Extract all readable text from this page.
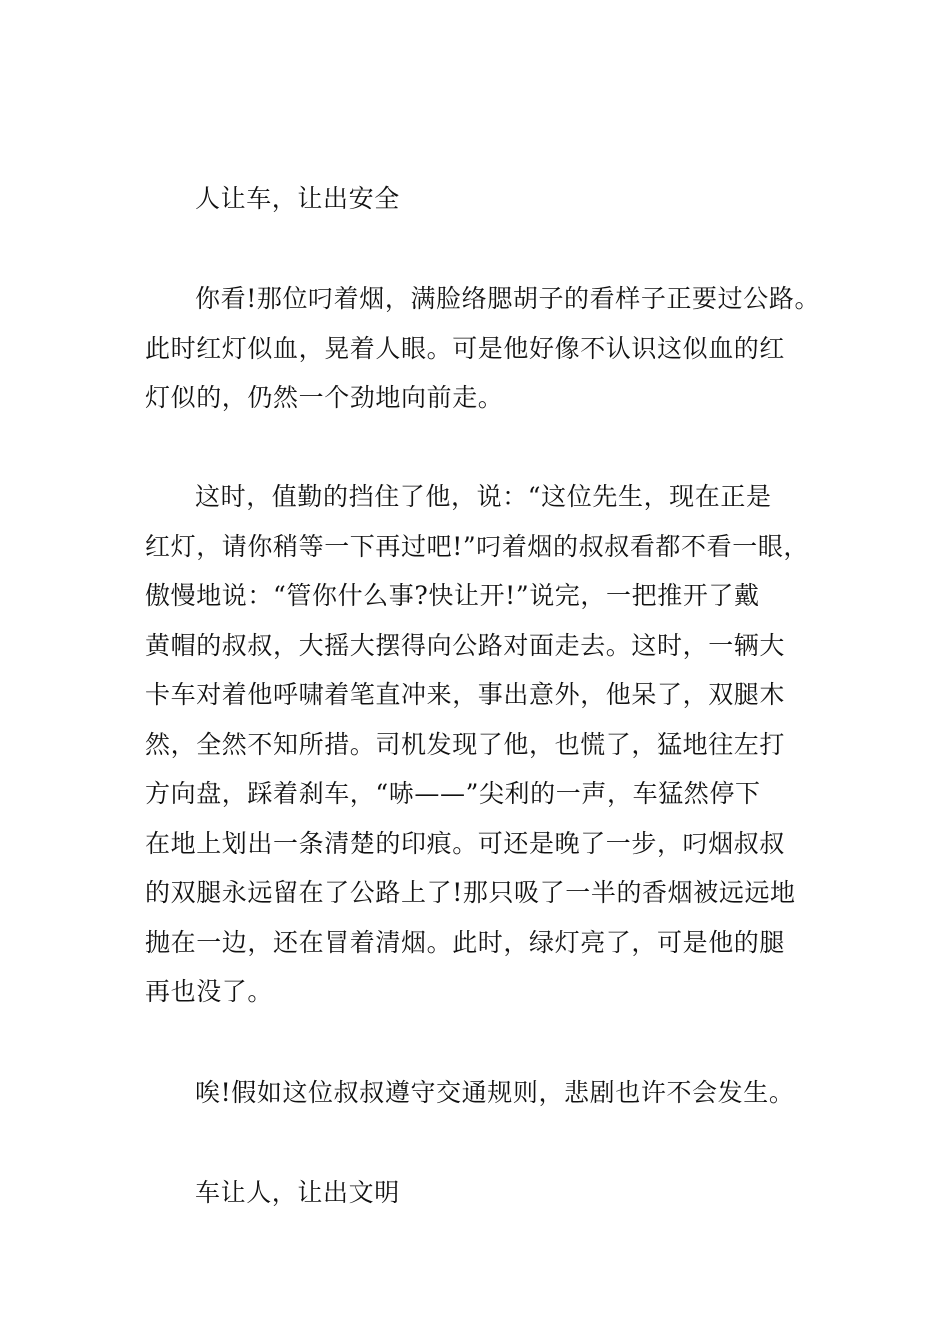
人让车，让出安全

你看!那位叼着烟，满脸络腮胡子的看样子正要过公路。
此时红灯似血，晃着人眼。可是他好像不认识这似血的红
灯似的，仍然一个劲地向前走。

这时，值勤的挡住了他，说：“这位先生，现在正是
红灯，请你稍等一下再过吧!”叼着烟的叔叔看都不看一眼，
傲慢地说：“管你什么事?快让开!”说完，一把推开了戴
黄帽的叔叔，大摇大摆得向公路对面走去。这时，一辆大
卡车对着他呼啸着笔直冲来，事出意外，他呆了，双腿木
然，全然不知所措。司机发现了他，也慌了，猛地往左打
方向盘，踩着刹车，“哧——”尖利的一声，车猛然停下
在地上划出一条清楚的印痕。可还是晚了一步，叼烟叔叔
的双腿永远留在了公路上了!那只吸了一半的香烟被远远地
抛在一边，还在冒着清烟。此时，绿灯亮了，可是他的腿
再也没了。

唉!假如这位叔叔遵守交通规则，悲剧也许不会发生。

车让人，让出文明
